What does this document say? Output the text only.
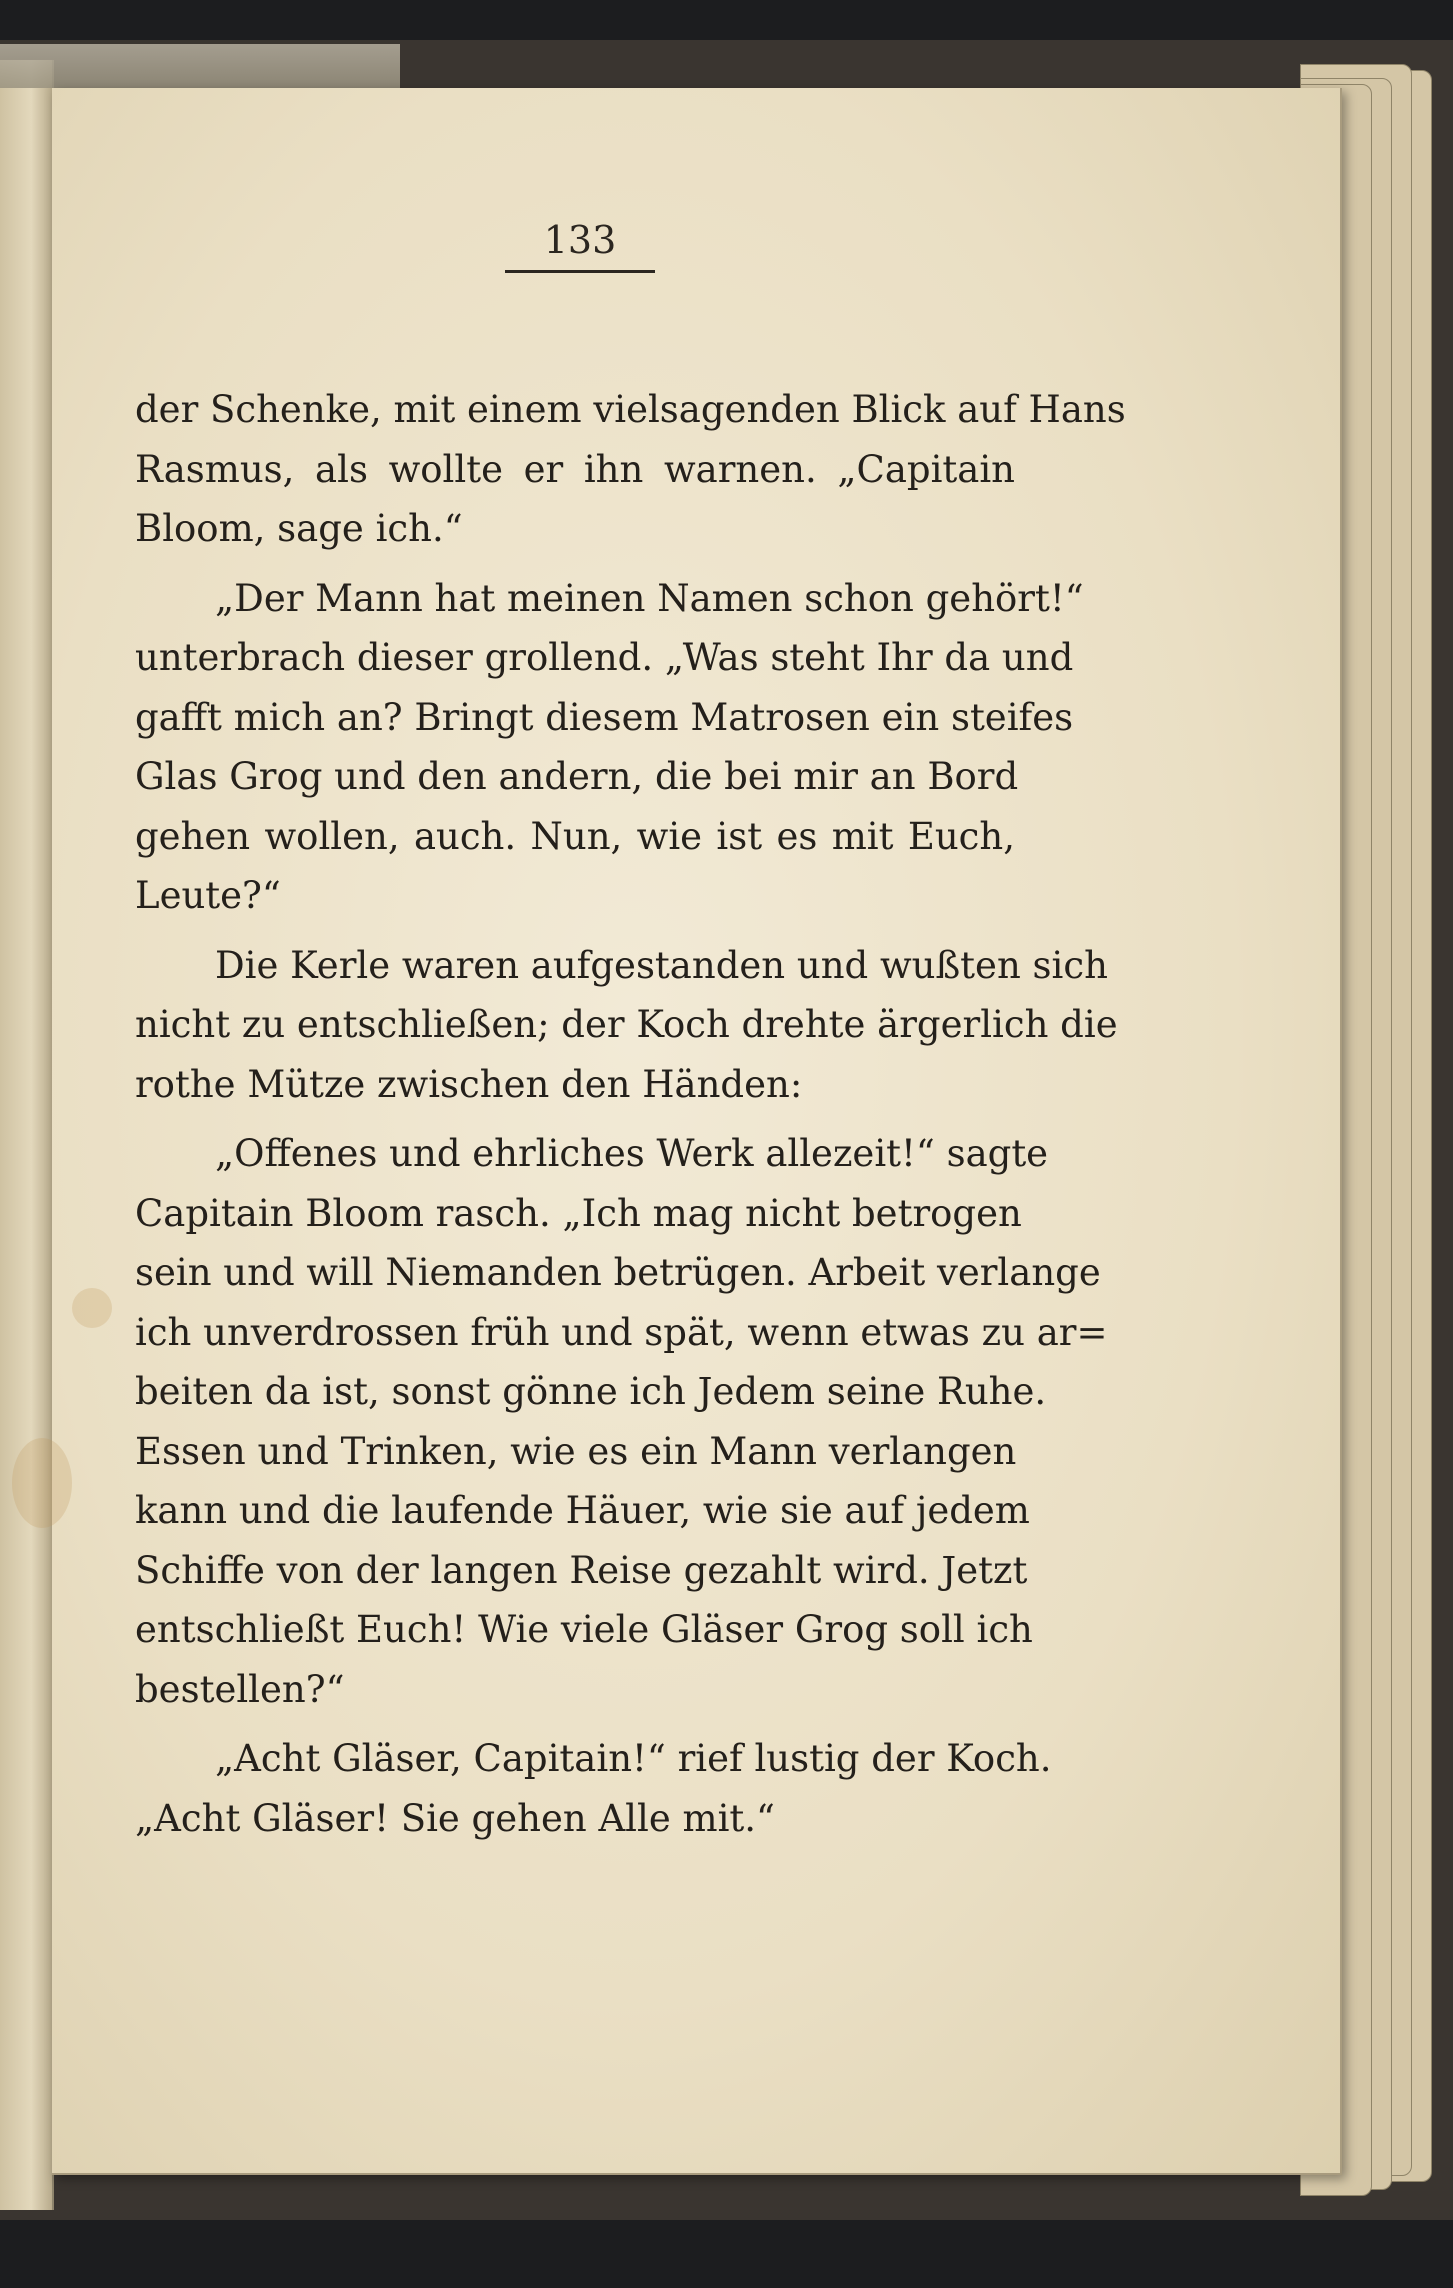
133
der Schenke, mit einem vielsagenden Blick auf Hans
Rasmus, als wollte er ihn warnen. „Capitain
Bloom, sage ich.“
„Der Mann hat meinen Namen schon gehört!“
unterbrach dieser grollend. „Was steht Ihr da und
gafft mich an? Bringt diesem Matrosen ein steifes
Glas Grog und den andern, die bei mir an Bord
gehen wollen, auch. Nun, wie ist es mit Euch,
Leute?“
Die Kerle waren aufgestanden und wußten sich
nicht zu entschließen; der Koch drehte ärgerlich die
rothe Mütze zwischen den Händen:
„Offenes und ehrliches Werk allezeit!“ sagte
Capitain Bloom rasch. „Ich mag nicht betrogen
sein und will Niemanden betrügen. Arbeit verlange
ich unverdrossen früh und spät, wenn etwas zu ar=
beiten da ist, sonst gönne ich Jedem seine Ruhe.
Essen und Trinken, wie es ein Mann verlangen
kann und die laufende Häuer, wie sie auf jedem
Schiffe von der langen Reise gezahlt wird. Jetzt
entschließt Euch! Wie viele Gläser Grog soll ich
bestellen?“
„Acht Gläser, Capitain!“ rief lustig der Koch.
„Acht Gläser! Sie gehen Alle mit.“
